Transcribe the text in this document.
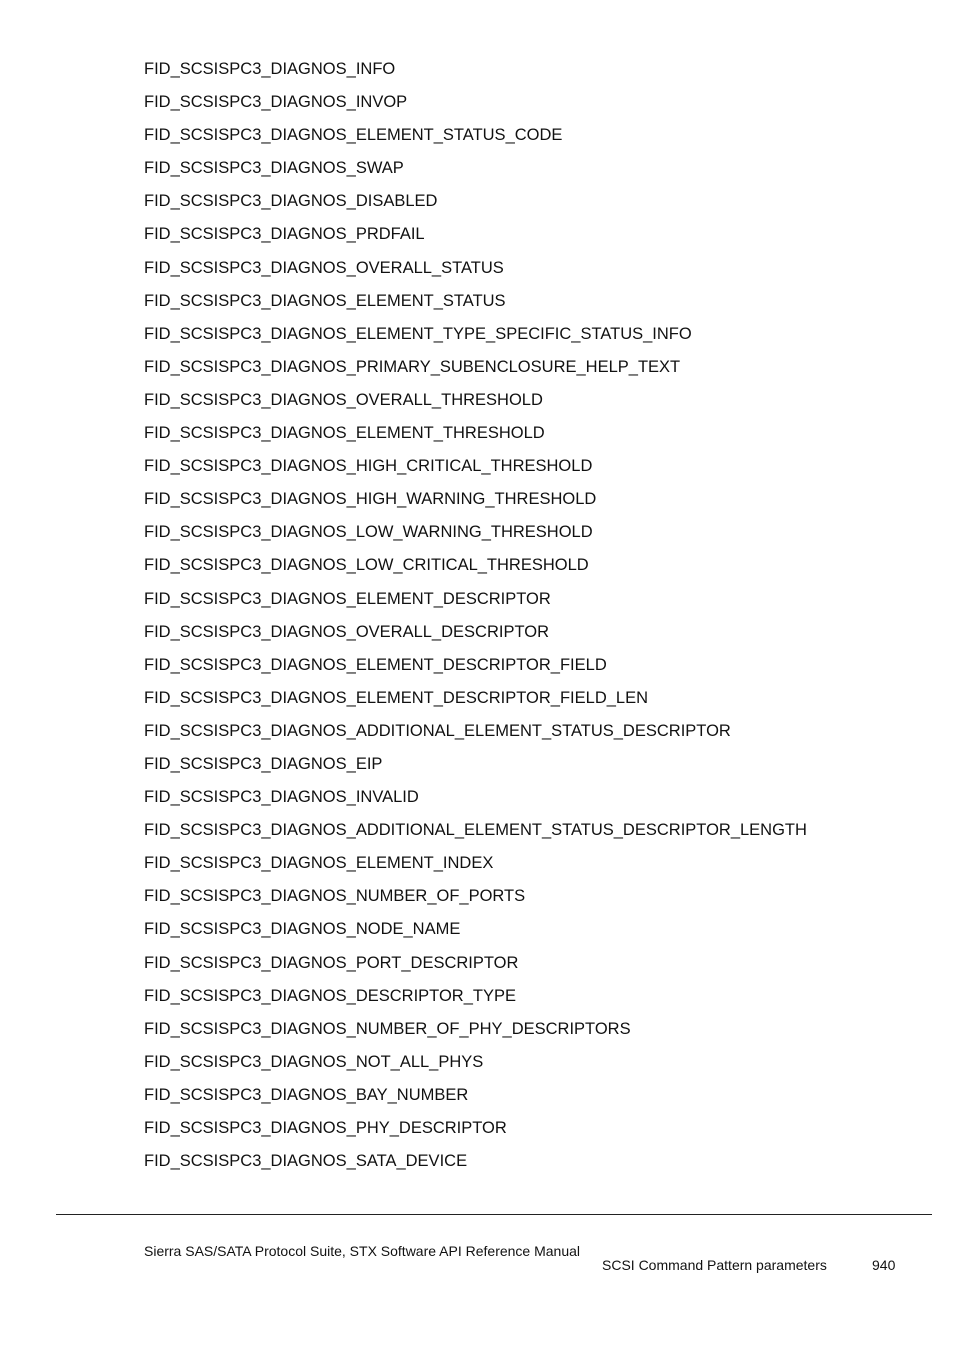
FID_SCSISPC3_DIAGNOS_INFO
FID_SCSISPC3_DIAGNOS_INVOP
FID_SCSISPC3_DIAGNOS_ELEMENT_STATUS_CODE
FID_SCSISPC3_DIAGNOS_SWAP
FID_SCSISPC3_DIAGNOS_DISABLED
FID_SCSISPC3_DIAGNOS_PRDFAIL
FID_SCSISPC3_DIAGNOS_OVERALL_STATUS
FID_SCSISPC3_DIAGNOS_ELEMENT_STATUS
FID_SCSISPC3_DIAGNOS_ELEMENT_TYPE_SPECIFIC_STATUS_INFO
FID_SCSISPC3_DIAGNOS_PRIMARY_SUBENCLOSURE_HELP_TEXT
FID_SCSISPC3_DIAGNOS_OVERALL_THRESHOLD
FID_SCSISPC3_DIAGNOS_ELEMENT_THRESHOLD
FID_SCSISPC3_DIAGNOS_HIGH_CRITICAL_THRESHOLD
FID_SCSISPC3_DIAGNOS_HIGH_WARNING_THRESHOLD
FID_SCSISPC3_DIAGNOS_LOW_WARNING_THRESHOLD
FID_SCSISPC3_DIAGNOS_LOW_CRITICAL_THRESHOLD
FID_SCSISPC3_DIAGNOS_ELEMENT_DESCRIPTOR
FID_SCSISPC3_DIAGNOS_OVERALL_DESCRIPTOR
FID_SCSISPC3_DIAGNOS_ELEMENT_DESCRIPTOR_FIELD
FID_SCSISPC3_DIAGNOS_ELEMENT_DESCRIPTOR_FIELD_LEN
FID_SCSISPC3_DIAGNOS_ADDITIONAL_ELEMENT_STATUS_DESCRIPTOR
FID_SCSISPC3_DIAGNOS_EIP
FID_SCSISPC3_DIAGNOS_INVALID
FID_SCSISPC3_DIAGNOS_ADDITIONAL_ELEMENT_STATUS_DESCRIPTOR_LENGTH
FID_SCSISPC3_DIAGNOS_ELEMENT_INDEX
FID_SCSISPC3_DIAGNOS_NUMBER_OF_PORTS
FID_SCSISPC3_DIAGNOS_NODE_NAME
FID_SCSISPC3_DIAGNOS_PORT_DESCRIPTOR
FID_SCSISPC3_DIAGNOS_DESCRIPTOR_TYPE
FID_SCSISPC3_DIAGNOS_NUMBER_OF_PHY_DESCRIPTORS
FID_SCSISPC3_DIAGNOS_NOT_ALL_PHYS
FID_SCSISPC3_DIAGNOS_BAY_NUMBER
FID_SCSISPC3_DIAGNOS_PHY_DESCRIPTOR
FID_SCSISPC3_DIAGNOS_SATA_DEVICE
Sierra SAS/SATA Protocol Suite, STX Software API Reference Manual
SCSI Command Pattern parameters	940
